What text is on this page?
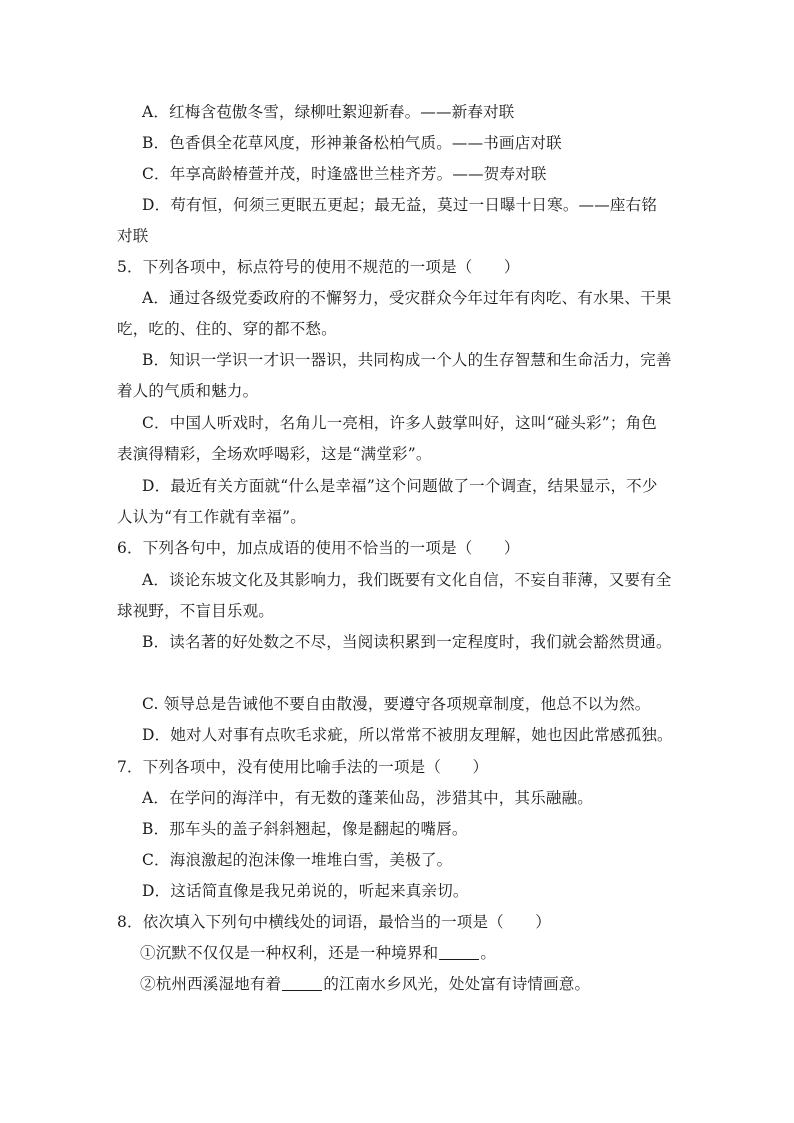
A．红梅含苞傲冬雪，绿柳吐絮迎新春。——新春对联
B．色香俱全花草风度，形神兼备松柏气质。——书画店对联
C．年享高龄椿萱并茂，时逢盛世兰桂齐芳。——贺寿对联
D．苟有恒，何须三更眠五更起；最无益，莫过一日曝十日寒。——座右铭
对联
5．下列各项中，标点符号的使用不规范的一项是（　　）
A．通过各级党委政府的不懈努力，受灾群众今年过年有肉吃、有水果、干果
吃，吃的、住的、穿的都不愁。
B．知识一学识一才识一器识，共同构成一个人的生存智慧和生命活力，完善
着人的气质和魅力。
C．中国人听戏时，名角儿一亮相，许多人鼓掌叫好，这叫“碰头彩”；角色
表演得精彩，全场欢呼喝彩，这是“满堂彩”。
D．最近有关方面就“什么是幸福”这个问题做了一个调查，结果显示，不少
人认为“有工作就有幸福”。
6．下列各句中，加点成语的使用不恰当的一项是（　　）
A．谈论东坡文化及其影响力，我们既要有文化自信，不妄自菲薄，又要有全
球视野，不盲目乐观。
B．读名著的好处数之不尽，当阅读积累到一定程度时，我们就会豁然贯通。
C. 领导总是告诫他不要自由散漫，要遵守各项规章制度，他总不以为然。
D．她对人对事有点吹毛求疵，所以常常不被朋友理解，她也因此常感孤独。
7．下列各项中，没有使用比喻手法的一项是（　　）
A．在学问的海洋中，有无数的蓬莱仙岛，涉猎其中，其乐融融。
B．那车头的盖子斜斜翘起，像是翻起的嘴唇。
C．海浪激起的泡沫像一堆堆白雪，美极了。
D．这话简直像是我兄弟说的，听起来真亲切。
8．依次填入下列句中横线处的词语，最恰当的一项是（　　）
①沉默不仅仅是一种权利，还是一种境界和	。
②杭州西溪湿地有着	的江南水乡风光，处处富有诗情画意。
